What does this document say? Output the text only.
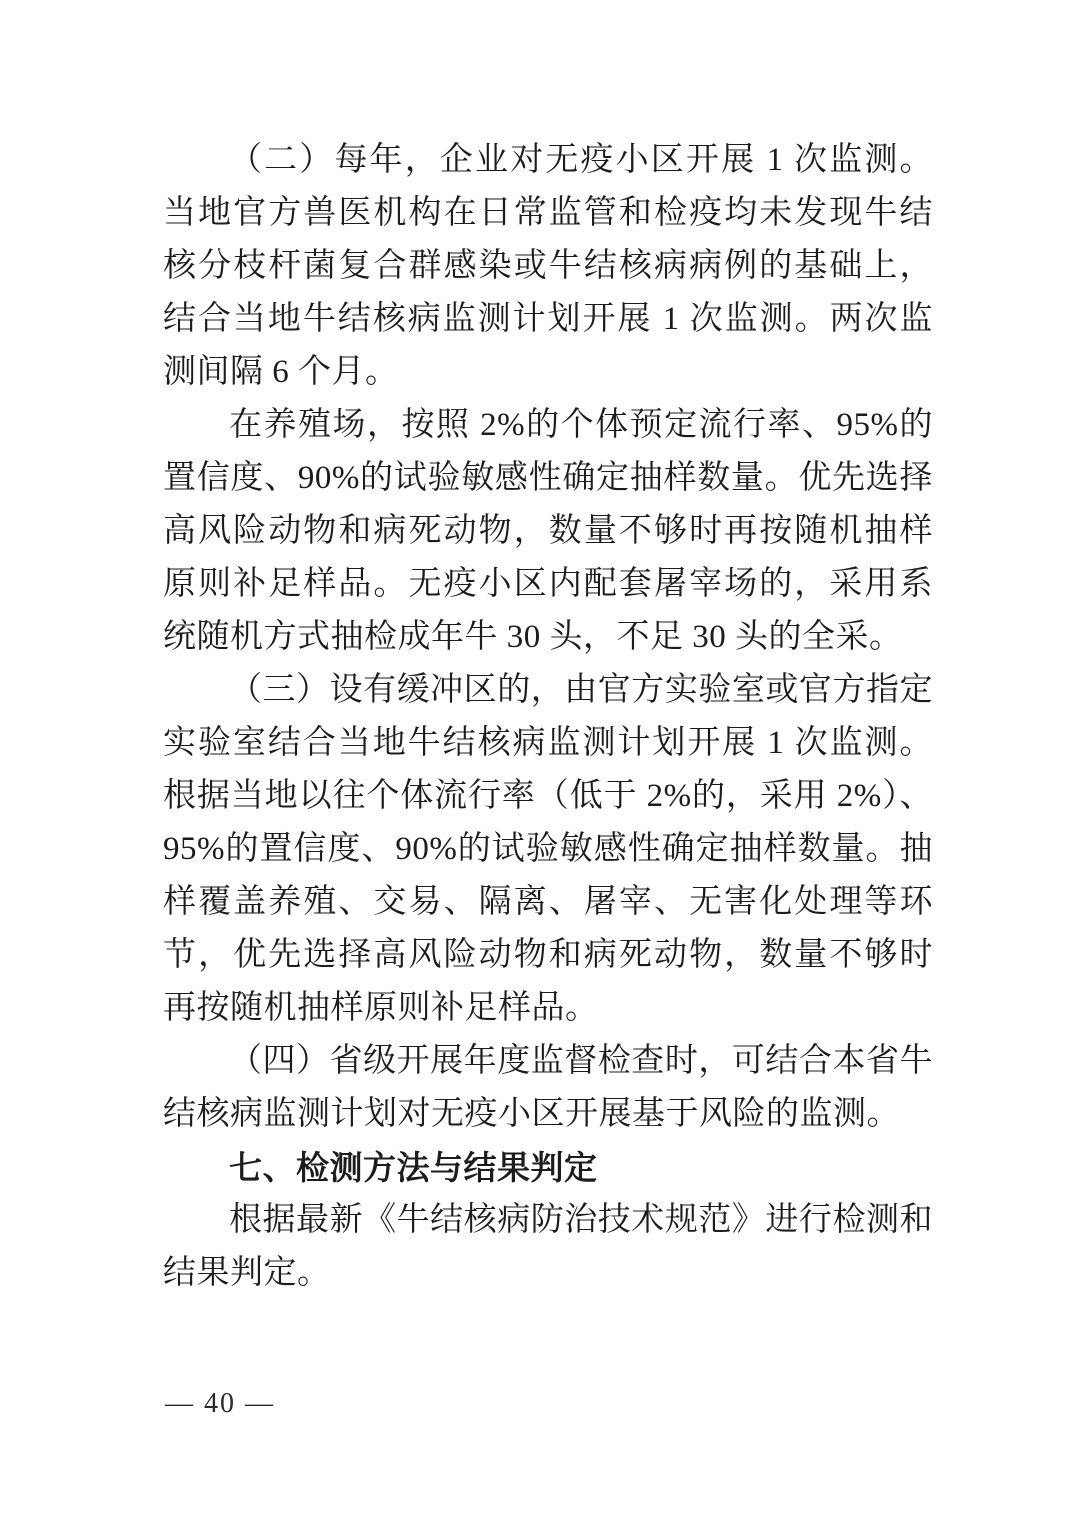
（二）每年，企业对无疫小区开展 1 次监测。当地官方兽医机构在日常监管和检疫均未发现牛结核分枝杆菌复合群感染或牛结核病病例的基础上，结合当地牛结核病监测计划开展 1 次监测。两次监测间隔 6 个月。

在养殖场，按照 2%的个体预定流行率、95%的置信度、90%的试验敏感性确定抽样数量。优先选择高风险动物和病死动物，数量不够时再按随机抽样原则补足样品。无疫小区内配套屠宰场的，采用系统随机方式抽检成年牛 30 头，不足 30 头的全采。

（三）设有缓冲区的，由官方实验室或官方指定实验室结合当地牛结核病监测计划开展 1 次监测。根据当地以往个体流行率（低于 2%的，采用 2%）、95%的置信度、90%的试验敏感性确定抽样数量。抽样覆盖养殖、交易、隔离、屠宰、无害化处理等环节，优先选择高风险动物和病死动物，数量不够时再按随机抽样原则补足样品。

（四）省级开展年度监督检查时，可结合本省牛结核病监测计划对无疫小区开展基于风险的监测。

七、检测方法与结果判定

根据最新《牛结核病防治技术规范》进行检测和结果判定。

— 40 —
